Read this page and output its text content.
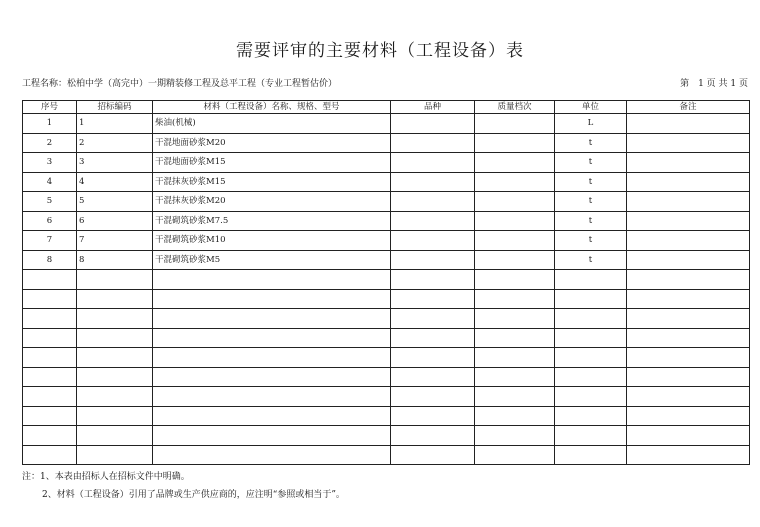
需要评审的主要材料（工程设备）表
工程名称：松柏中学（高完中）一期精装修工程及总平工程（专业工程暂估价）	第　1 页 共 1 页
序号	招标编码	材料（工程设备）名称、规格、型号	品种	质量档次	单位	备注
1	1	柴油(机械)			L	
2	2	干混地面砂浆M20			t	
3	3	干混地面砂浆M15			t	
4	4	干混抹灰砂浆M15			t	
5	5	干混抹灰砂浆M20			t	
6	6	干混砌筑砂浆M7.5			t	
7	7	干混砌筑砂浆M10			t	
8	8	干混砌筑砂浆M5			t	

注：1、本表由招标人在招标文件中明确。
2、材料（工程设备）引用了品牌或生产供应商的，应注明“参照或相当于”。
